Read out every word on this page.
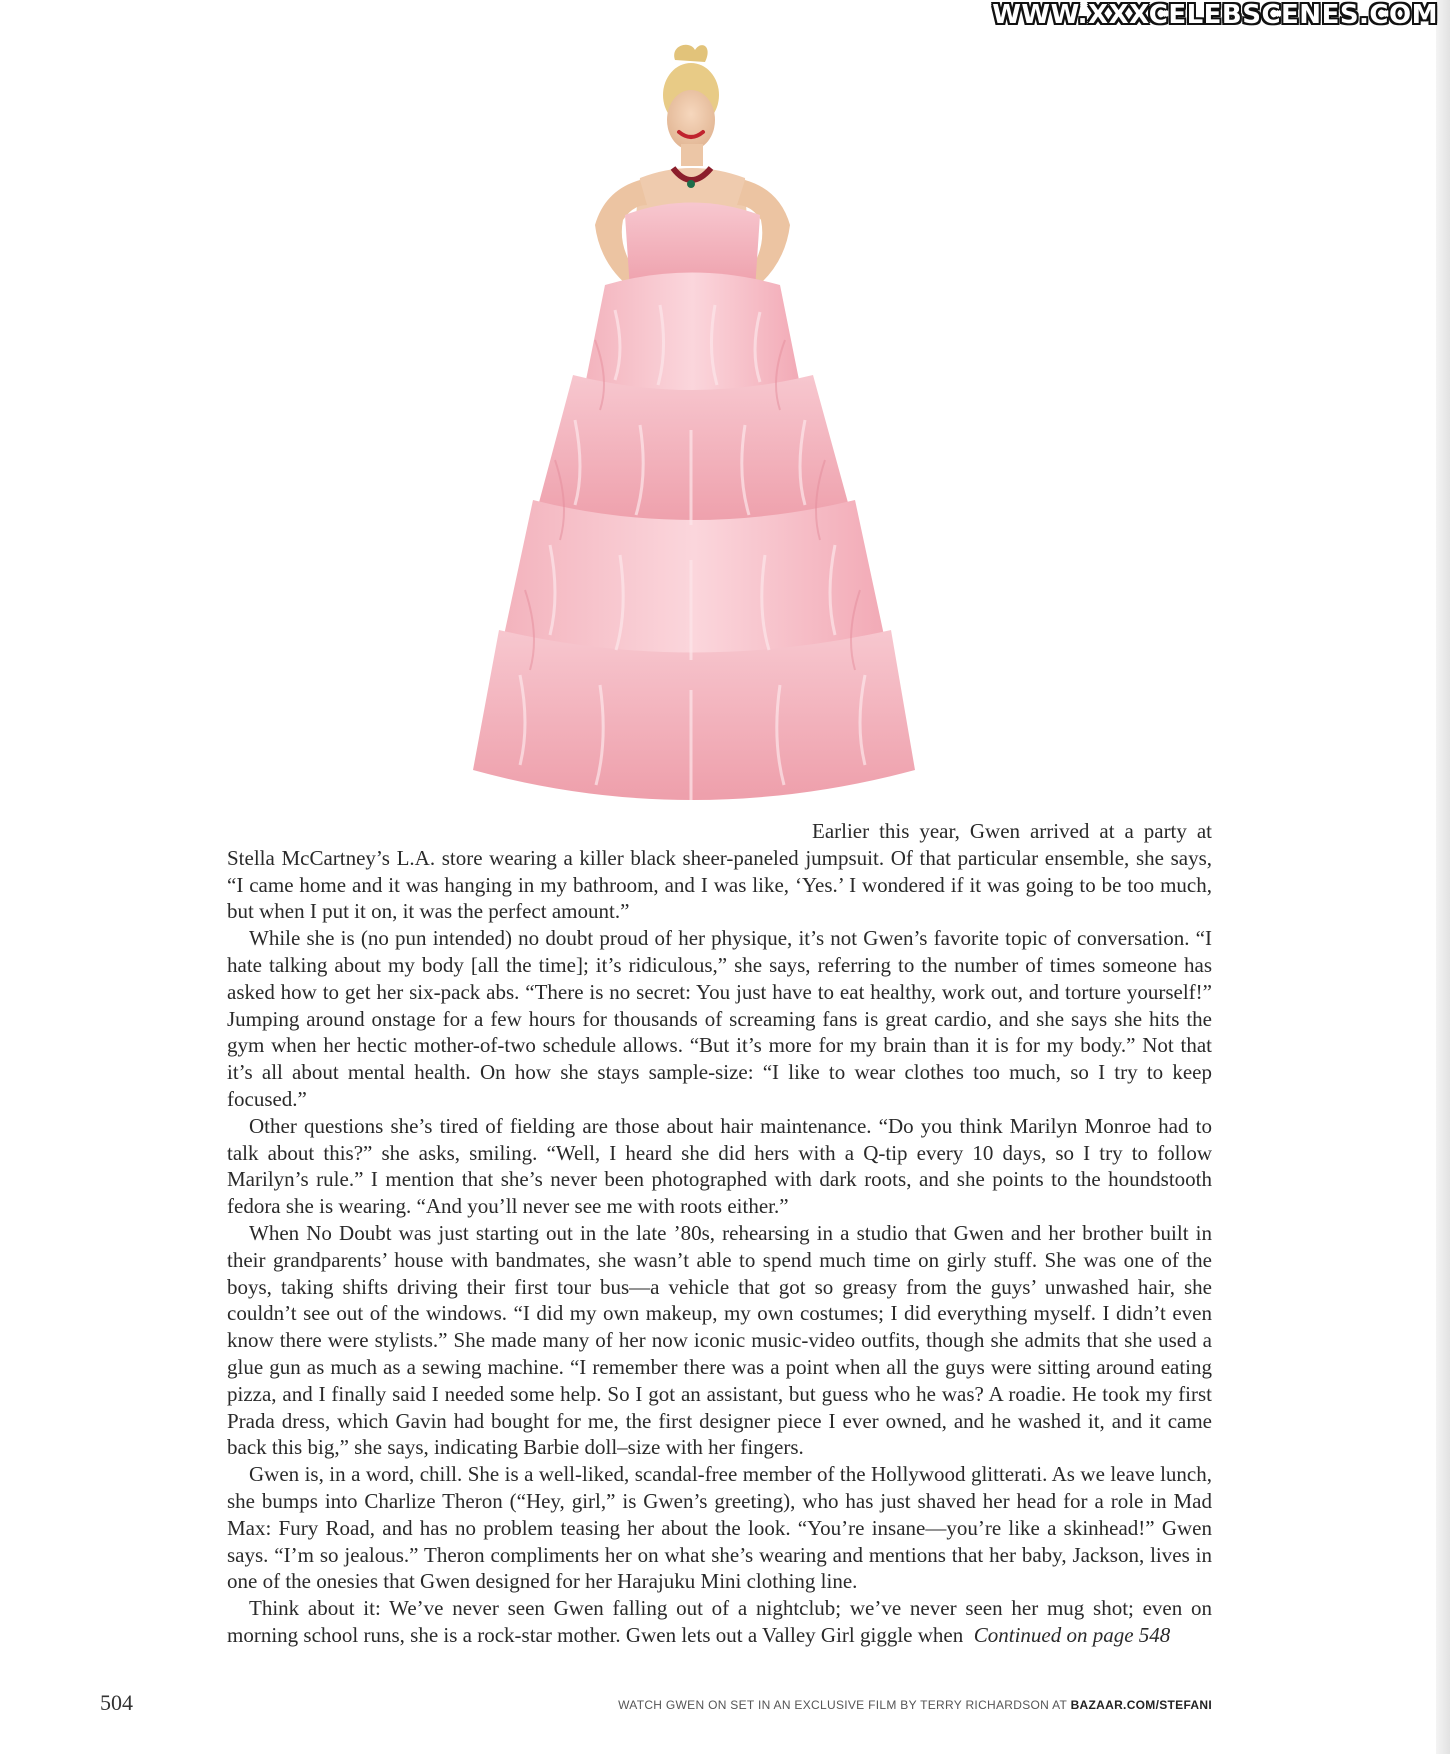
WWW.XXXCELEBSCENES.COM

Earlier this year, Gwen arrived at a party at Stella McCartney’s L.A. store wearing a killer black sheer-paneled jumpsuit. Of that particular ensemble, she says, “I came home and it was hanging in my bathroom, and I was like, ‘Yes.’ I wondered if it was going to be too much, but when I put it on, it was the perfect amount.”

While she is (no pun intended) no doubt proud of her physique, it’s not Gwen’s favorite topic of conversation. “I hate talking about my body [all the time]; it’s ridiculous,” she says, referring to the number of times someone has asked how to get her six-pack abs. “There is no secret: You just have to eat healthy, work out, and torture yourself!” Jumping around onstage for a few hours for thousands of screaming fans is great cardio, and she says she hits the gym when her hectic mother-of-two schedule allows. “But it’s more for my brain than it is for my body.” Not that it’s all about mental health. On how she stays sample-size: “I like to wear clothes too much, so I try to keep focused.”

Other questions she’s tired of fielding are those about hair maintenance. “Do you think Marilyn Monroe had to talk about this?” she asks, smiling. “Well, I heard she did hers with a Q-tip every 10 days, so I try to follow Marilyn’s rule.” I mention that she’s never been photographed with dark roots, and she points to the houndstooth fedora she is wearing. “And you’ll never see me with roots either.”

When No Doubt was just starting out in the late ’80s, rehearsing in a studio that Gwen and her brother built in their grandparents’ house with bandmates, she wasn’t able to spend much time on girly stuff. She was one of the boys, taking shifts driving their first tour bus—a vehicle that got so greasy from the guys’ unwashed hair, she couldn’t see out of the windows. “I did my own makeup, my own costumes; I did everything myself. I didn’t even know there were stylists.” She made many of her now iconic music-video outfits, though she admits that she used a glue gun as much as a sewing machine. “I remember there was a point when all the guys were sitting around eating pizza, and I finally said I needed some help. So I got an assistant, but guess who he was? A roadie. He took my first Prada dress, which Gavin had bought for me, the first designer piece I ever owned, and he washed it, and it came back this big,” she says, indicating Barbie doll–size with her fingers.

Gwen is, in a word, chill. She is a well-liked, scandal-free member of the Hollywood glitterati. As we leave lunch, she bumps into Charlize Theron (“Hey, girl,” is Gwen’s greeting), who has just shaved her head for a role in Mad Max: Fury Road, and has no problem teasing her about the look. “You’re insane—you’re like a skinhead!” Gwen says. “I’m so jealous.” Theron compliments her on what she’s wearing and mentions that her baby, Jackson, lives in one of the onesies that Gwen designed for her Harajuku Mini clothing line.

Think about it: We’ve never seen Gwen falling out of a nightclub; we’ve never seen her mug shot; even on morning school runs, she is a rock-star mother. Gwen lets out a Valley Girl giggle when Continued on page 548

504	WATCH GWEN ON SET IN AN EXCLUSIVE FILM BY TERRY RICHARDSON AT BAZAAR.COM/STEFANI
